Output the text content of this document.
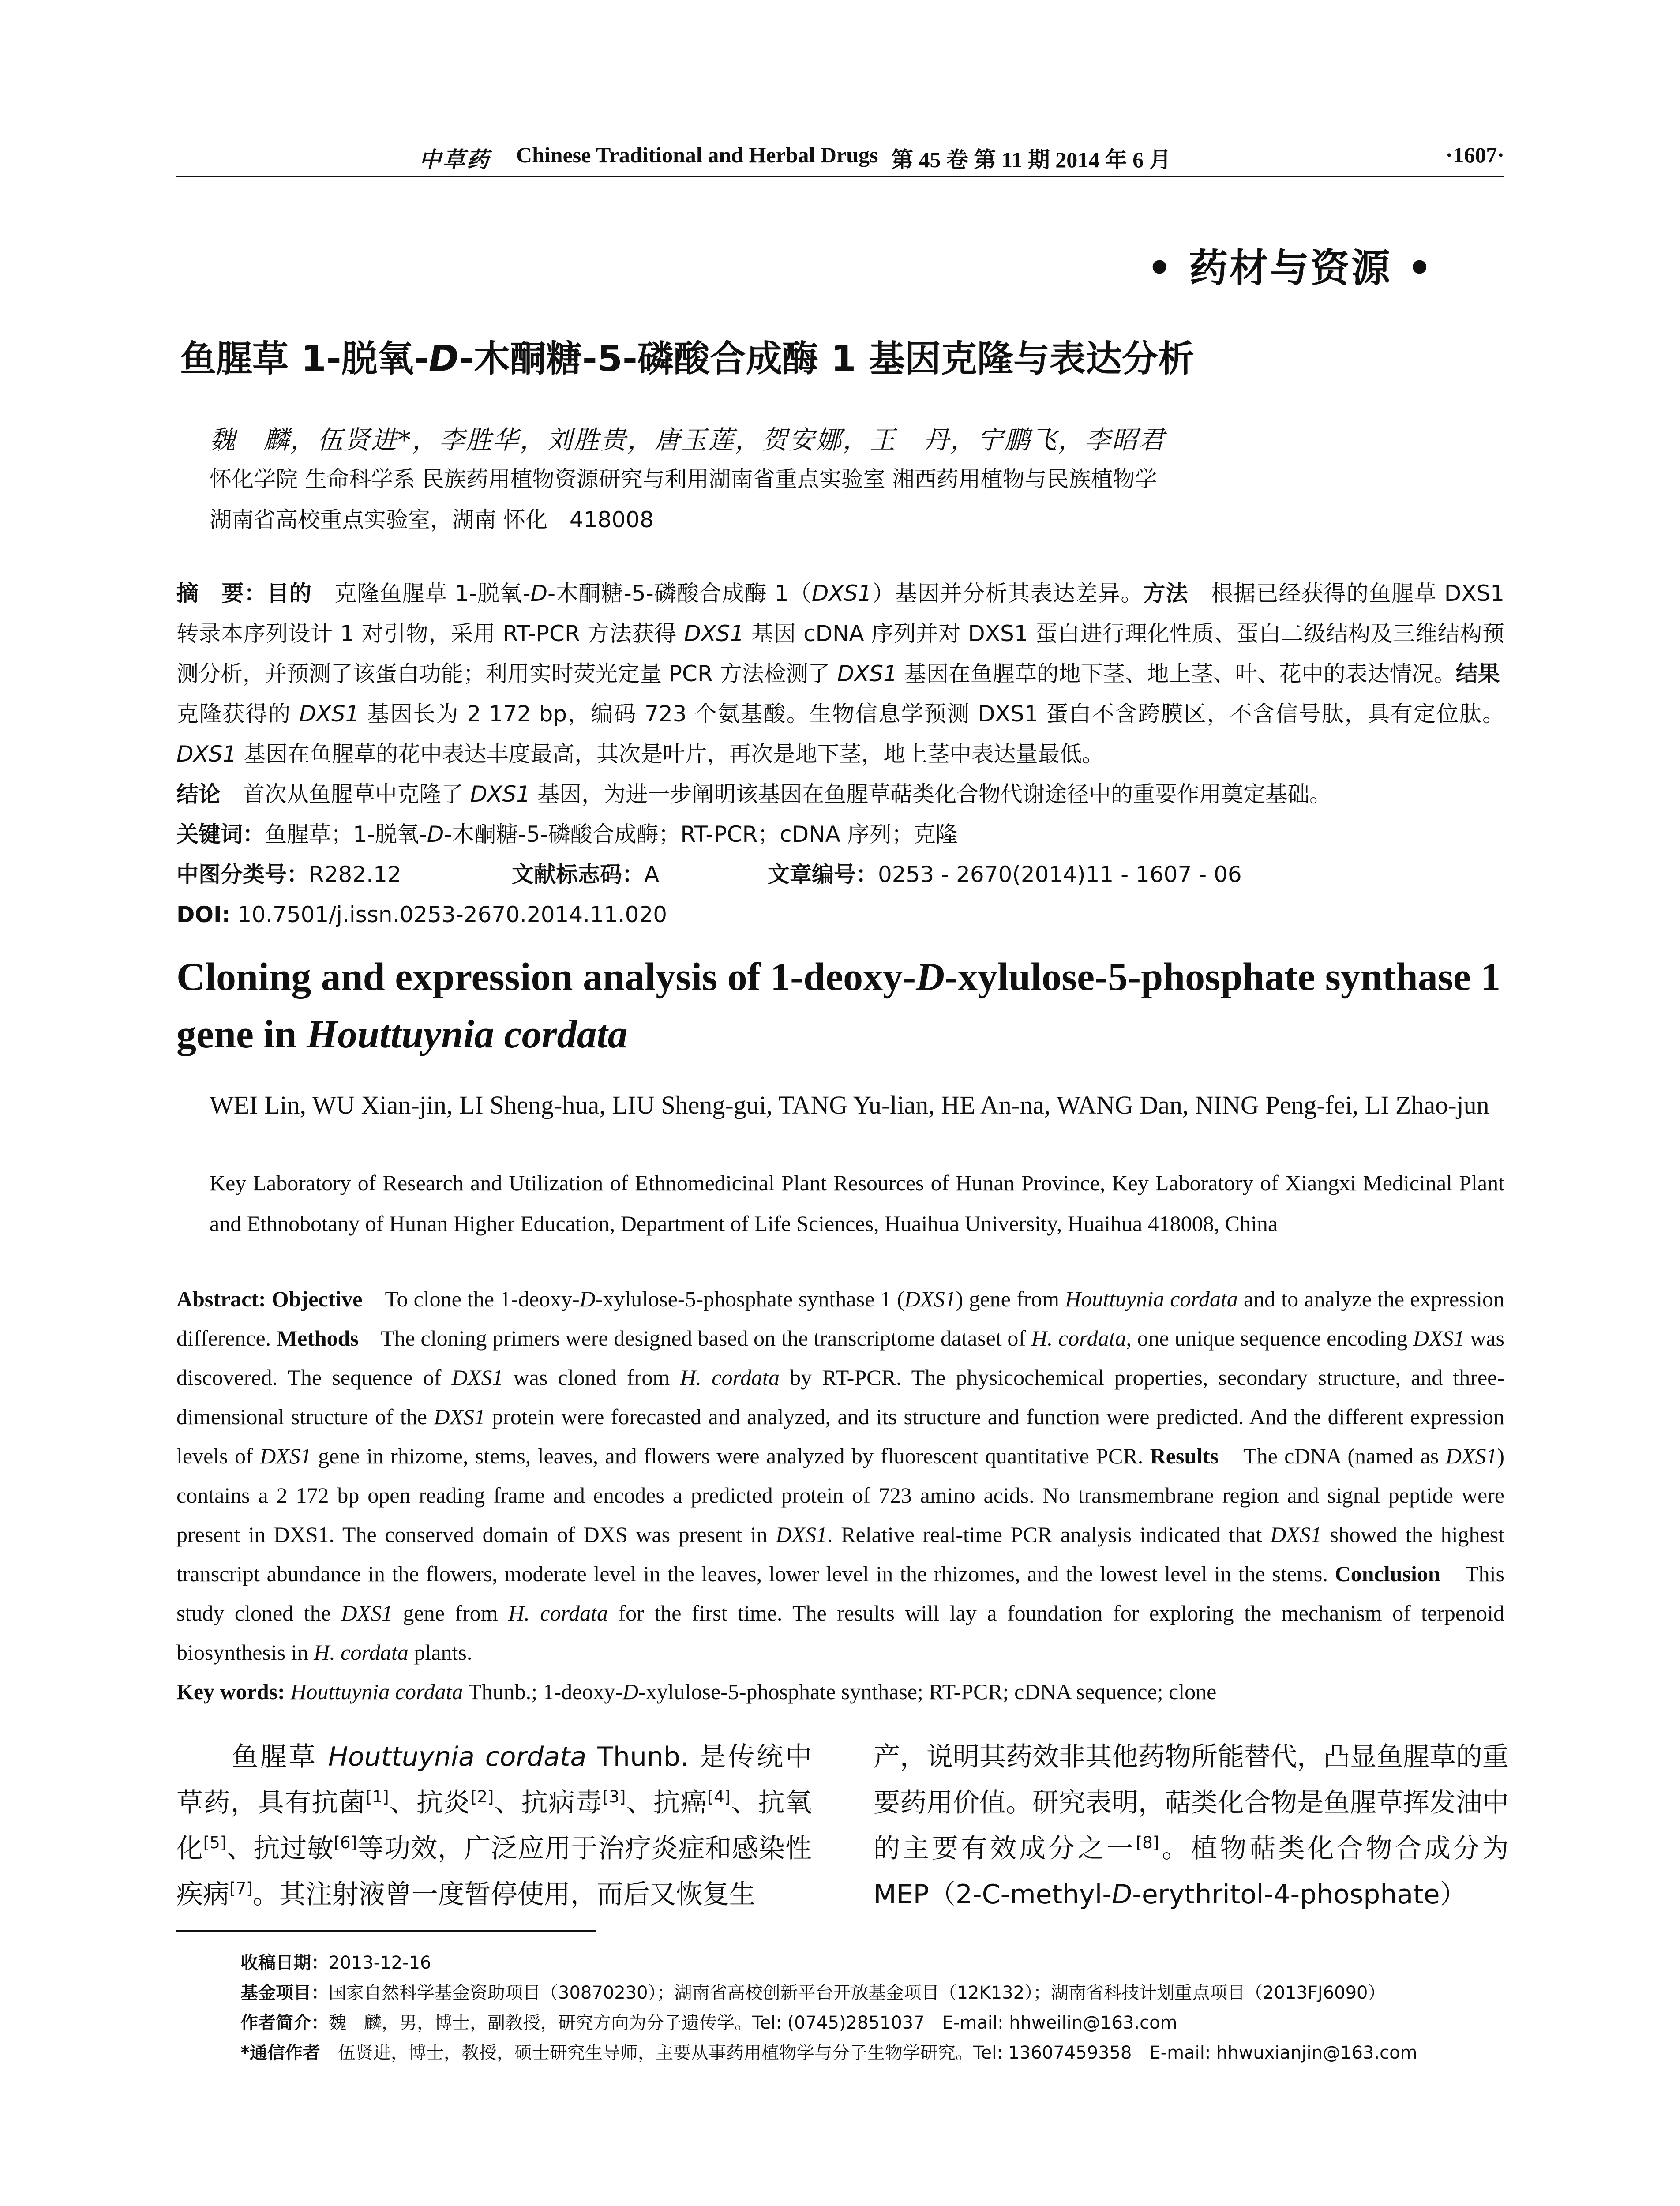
中草药 Chinese Traditional and Herbal Drugs 第 45 卷 第 11 期 2014 年 6 月	·1607·
• 药材与资源 •
鱼腥草 1-脱氧-D-木酮糖-5-磷酸合成酶 1 基因克隆与表达分析
魏　麟，伍贤进*，李胜华，刘胜贵，唐玉莲，贺安娜，王　丹，宁鹏飞，李昭君
怀化学院 生命科学系 民族药用植物资源研究与利用湖南省重点实验室 湘西药用植物与民族植物学
湖南省高校重点实验室，湖南 怀化　418008

摘　要：目的　克隆鱼腥草 1-脱氧-D-木酮糖-5-磷酸合成酶 1（DXS1）基因并分析其表达差异。方法　根据已经获得的鱼腥草 DXS1 转录本序列设计 1 对引物，采用 RT-PCR 方法获得 DXS1 基因 cDNA 序列并对 DXS1 蛋白进行理化性质、蛋白二级结构及三维结构预测分析，并预测了该蛋白功能；利用实时荧光定量 PCR 方法检测了 DXS1 基因在鱼腥草的地下茎、地上茎、叶、花中的表达情况。结果　克隆获得的 DXS1 基因长为 2 172 bp，编码 723 个氨基酸。生物信息学预测 DXS1 蛋白不含跨膜区，不含信号肽，具有定位肽。DXS1 基因在鱼腥草的花中表达丰度最高，其次是叶片，再次是地下茎，地上茎中表达量最低。

结论　首次从鱼腥草中克隆了 DXS1 基因，为进一步阐明该基因在鱼腥草萜类化合物代谢途径中的重要作用奠定基础。

关键词：鱼腥草；1-脱氧-D-木酮糖-5-磷酸合成酶；RT-PCR；cDNA 序列；克隆

中图分类号：R282.12	文献标志码：A	文章编号：0253 - 2670(2014)11 - 1607 - 06

DOI: 10.7501/j.issn.0253-2670.2014.11.020

Cloning and expression analysis of 1-deoxy-D-xylulose-5-phosphate synthase 1 gene in Houttuynia cordata
WEI Lin, WU Xian-jin, LI Sheng-hua, LIU Sheng-gui, TANG Yu-lian, HE An-na, WANG Dan, NING Peng-fei, LI Zhao-jun
Key Laboratory of Research and Utilization of Ethnomedicinal Plant Resources of Hunan Province, Key Laboratory of Xiangxi Medicinal Plant and Ethnobotany of Hunan Higher Education, Department of Life Sciences, Huaihua University, Huaihua 418008, China

Abstract: Objective　To clone the 1-deoxy-D-xylulose-5-phosphate synthase 1 (DXS1) gene from Houttuynia cordata and to analyze the expression difference. Methods　The cloning primers were designed based on the transcriptome dataset of H. cordata, one unique sequence encoding DXS1 was discovered. The sequence of DXS1 was cloned from H. cordata by RT-PCR. The physicochemical properties, secondary structure, and three-dimensional structure of the DXS1 protein were forecasted and analyzed, and its structure and function were predicted. And the different expression levels of DXS1 gene in rhizome, stems, leaves, and flowers were analyzed by fluorescent quantitative PCR. Results　The cDNA (named as DXS1) contains a 2 172 bp open reading frame and encodes a predicted protein of 723 amino acids. No transmembrane region and signal peptide were present in DXS1. The conserved domain of DXS was present in DXS1. Relative real-time PCR analysis indicated that DXS1 showed the highest transcript abundance in the flowers, moderate level in the leaves, lower level in the rhizomes, and the lowest level in the stems. Conclusion　This study cloned the DXS1 gene from H. cordata for the first time. The results will lay a foundation for exploring the mechanism of terpenoid biosynthesis in H. cordata plants.

Key words: Houttuynia cordata Thunb.; 1-deoxy-D-xylulose-5-phosphate synthase; RT-PCR; cDNA sequence; clone

鱼腥草 Houttuynia cordata Thunb. 是传统中草药，具有抗菌[1]、抗炎[2]、抗病毒[3]、抗癌[4]、抗氧化[5]、抗过敏[6]等功效，广泛应用于治疗炎症和感染性疾病[7]。其注射液曾一度暂停使用，而后又恢复生

产，说明其药效非其他药物所能替代，凸显鱼腥草的重要药用价值。研究表明，萜类化合物是鱼腥草挥发油中的主要有效成分之一[8]。植物萜类化合物合成分为 MEP（2-C-methyl-D-erythritol-4-phosphate）

收稿日期：2013-12-16
基金项目：国家自然科学基金资助项目（30870230）；湖南省高校创新平台开放基金项目（12K132）；湖南省科技计划重点项目（2013FJ6090）
作者简介：魏　麟，男，博士，副教授，研究方向为分子遗传学。Tel: (0745)2851037　E-mail: hhweilin@163.com
*通信作者　伍贤进，博士，教授，硕士研究生导师，主要从事药用植物学与分子生物学研究。Tel: 13607459358　E-mail: hhwuxianjin@163.com
